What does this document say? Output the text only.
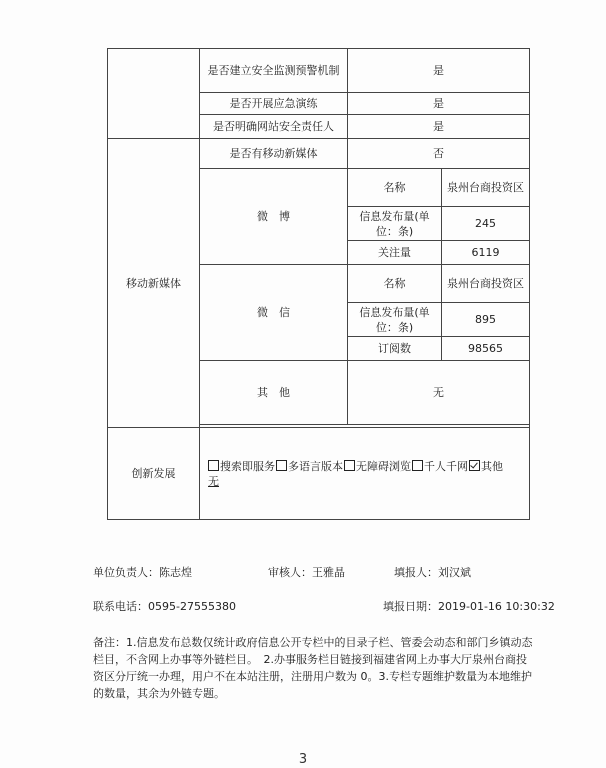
	是否建立安全监测预警机制	是	
	是否开展应急演练	是	
	是否明确网站安全责任人	是	
移动新媒体	是否有移动新媒体	否	
	微　博	名称	泉州台商投资区
		信息发布量(单位：条)	245
		关注量	6119
	微　信	名称	泉州台商投资区
		信息发布量(单位：条)	895
		订阅数	98565
	其　他	无	

创新发展	搜索即服务 多语言版本 无障碍浏览 千人千网 其他
无		
单位负责人：陈志煌	审核人：王雅晶	填报人：刘汉斌
联系电话：0595-27555380	填报日期：2019-01-16 10:30:32
备注：1.信息发布总数仅统计政府信息公开专栏中的目录子栏、管委会动态和部门乡镇动态栏目，不含网上办事等外链栏目。　2.办事服务栏目链接到福建省网上办事大厅泉州台商投资区分厅统一办理，用户不在本站注册，注册用户数为 0。3.专栏专题维护数量为本地维护的数量，其余为外链专题。
3
